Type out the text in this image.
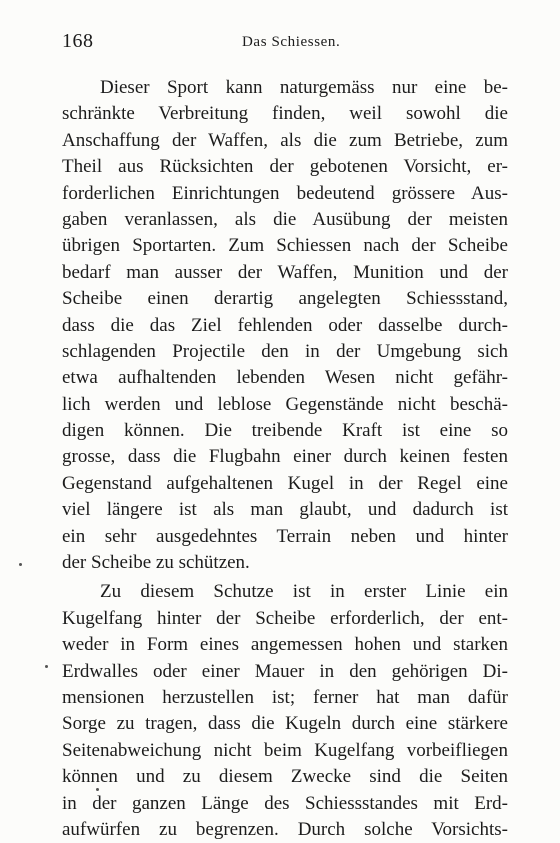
168	Das Schiessen.
Dieser Sport kann naturgemäss nur eine be-
schränkte Verbreitung finden, weil sowohl die
Anschaffung der Waffen, als die zum Betriebe, zum
Theil aus Rücksichten der gebotenen Vorsicht, er-
forderlichen Einrichtungen bedeutend grössere Aus-
gaben veranlassen, als die Ausübung der meisten
übrigen Sportarten. Zum Schiessen nach der Scheibe
bedarf man ausser der Waffen, Munition und der
Scheibe einen derartig angelegten Schiessstand,
dass die das Ziel fehlenden oder dasselbe durch-
schlagenden Projectile den in der Umgebung sich
etwa aufhaltenden lebenden Wesen nicht gefähr-
lich werden und leblose Gegenstände nicht beschä-
digen können. Die treibende Kraft ist eine so
grosse, dass die Flugbahn einer durch keinen festen
Gegenstand aufgehaltenen Kugel in der Regel eine
viel längere ist als man glaubt, und dadurch ist
ein sehr ausgedehntes Terrain neben und hinter
der Scheibe zu schützen.
Zu diesem Schutze ist in erster Linie ein
Kugelfang hinter der Scheibe erforderlich, der ent-
weder in Form eines angemessen hohen und starken
Erdwalles oder einer Mauer in den gehörigen Di-
mensionen herzustellen ist; ferner hat man dafür
Sorge zu tragen, dass die Kugeln durch eine stärkere
Seitenabweichung nicht beim Kugelfang vorbeifliegen
können und zu diesem Zwecke sind die Seiten
in der ganzen Länge des Schiessstandes mit Erd-
aufwürfen zu begrenzen. Durch solche Vorsichts-
